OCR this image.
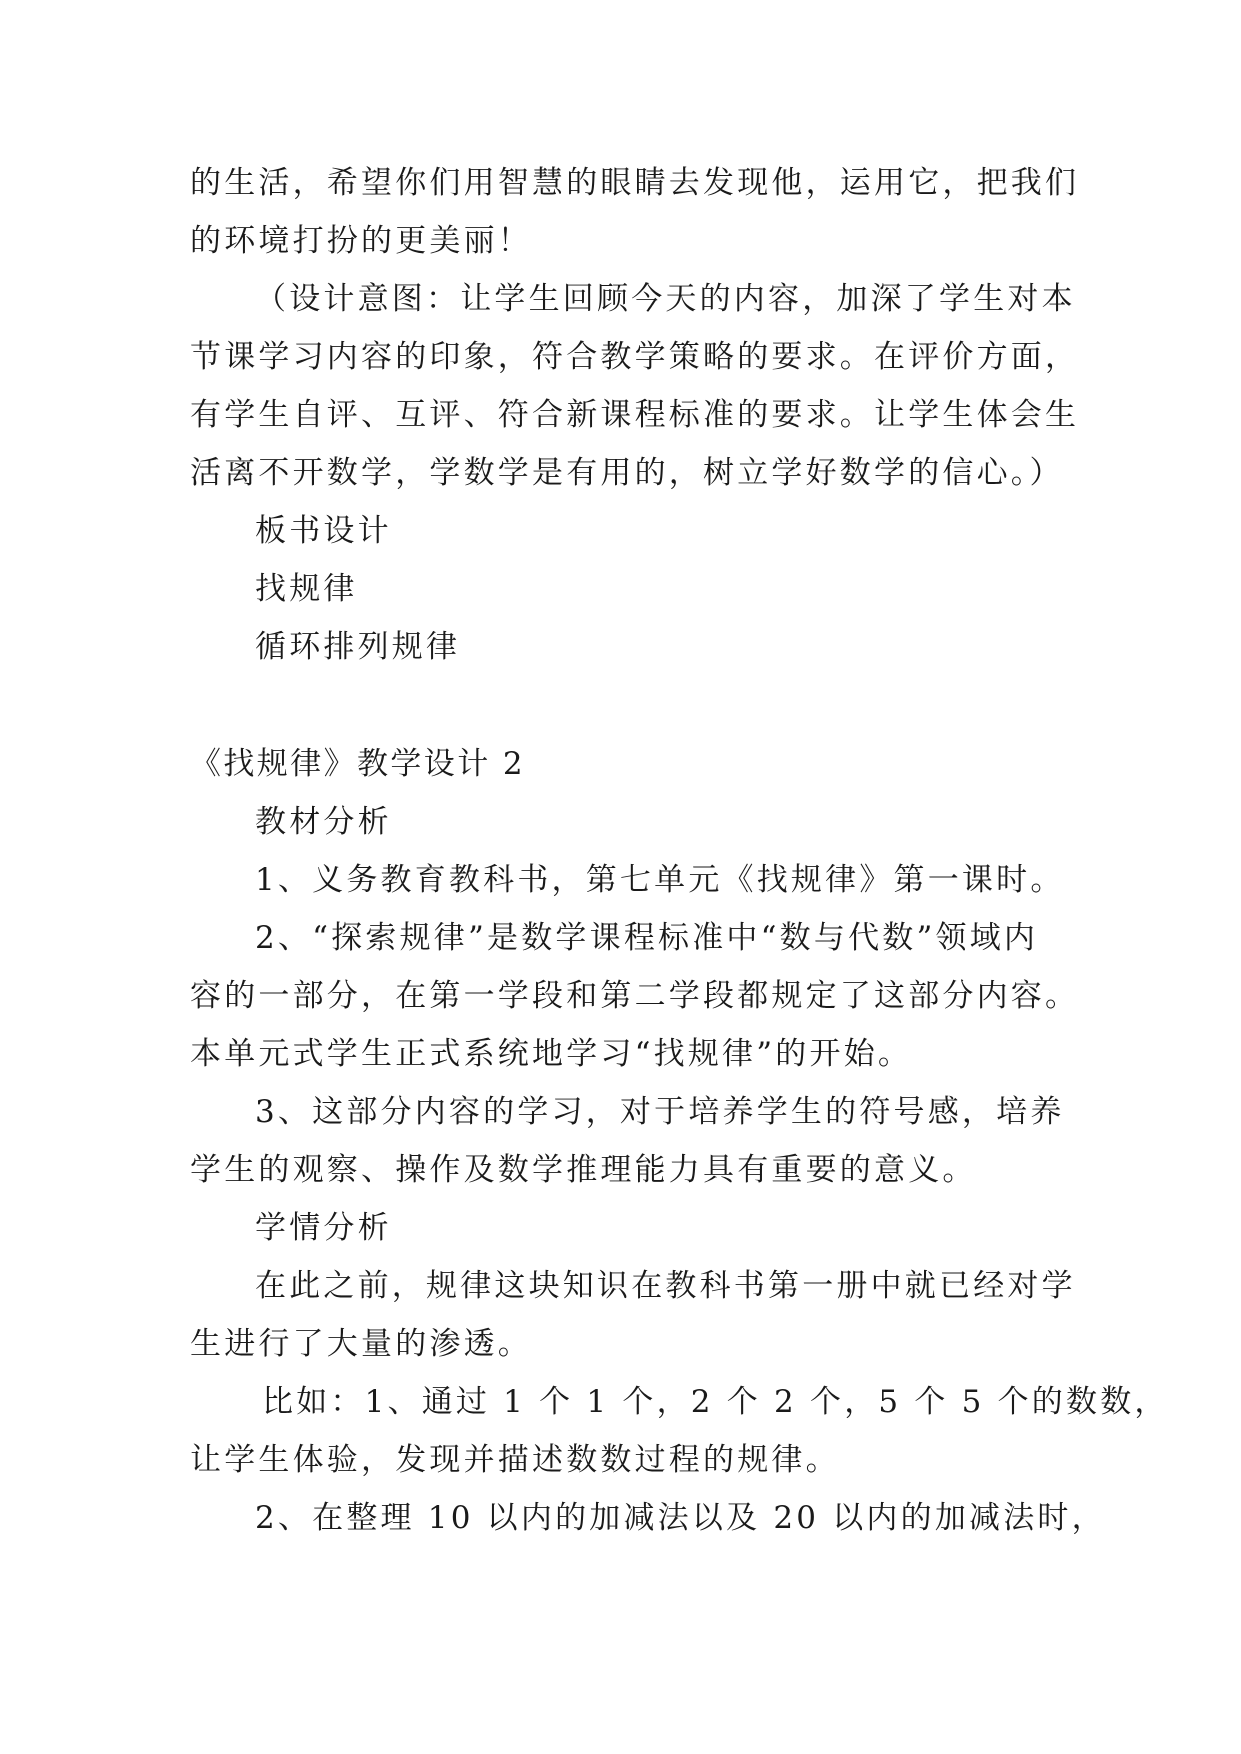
的生活，希望你们用智慧的眼睛去发现他，运用它，把我们
的环境打扮的更美丽！
（设计意图：让学生回顾今天的内容，加深了学生对本
节课学习内容的印象，符合教学策略的要求。在评价方面，
有学生自评、互评、符合新课程标准的要求。让学生体会生
活离不开数学，学数学是有用的，树立学好数学的信心。）
板书设计
找规律
循环排列规律
《找规律》教学设计 2
教材分析
1、义务教育教科书，第七单元《找规律》第一课时。
2、“探索规律”是数学课程标准中“数与代数”领域内
容的一部分，在第一学段和第二学段都规定了这部分内容。
本单元式学生正式系统地学习“找规律”的开始。
3、这部分内容的学习，对于培养学生的符号感，培养
学生的观察、操作及数学推理能力具有重要的意义。
学情分析
在此之前，规律这块知识在教科书第一册中就已经对学
生进行了大量的渗透。
比如：1、通过 1 个 1 个，2 个 2 个，5 个 5 个的数数，
让学生体验，发现并描述数数过程的规律。
2、在整理 10 以内的加减法以及 20 以内的加减法时，
